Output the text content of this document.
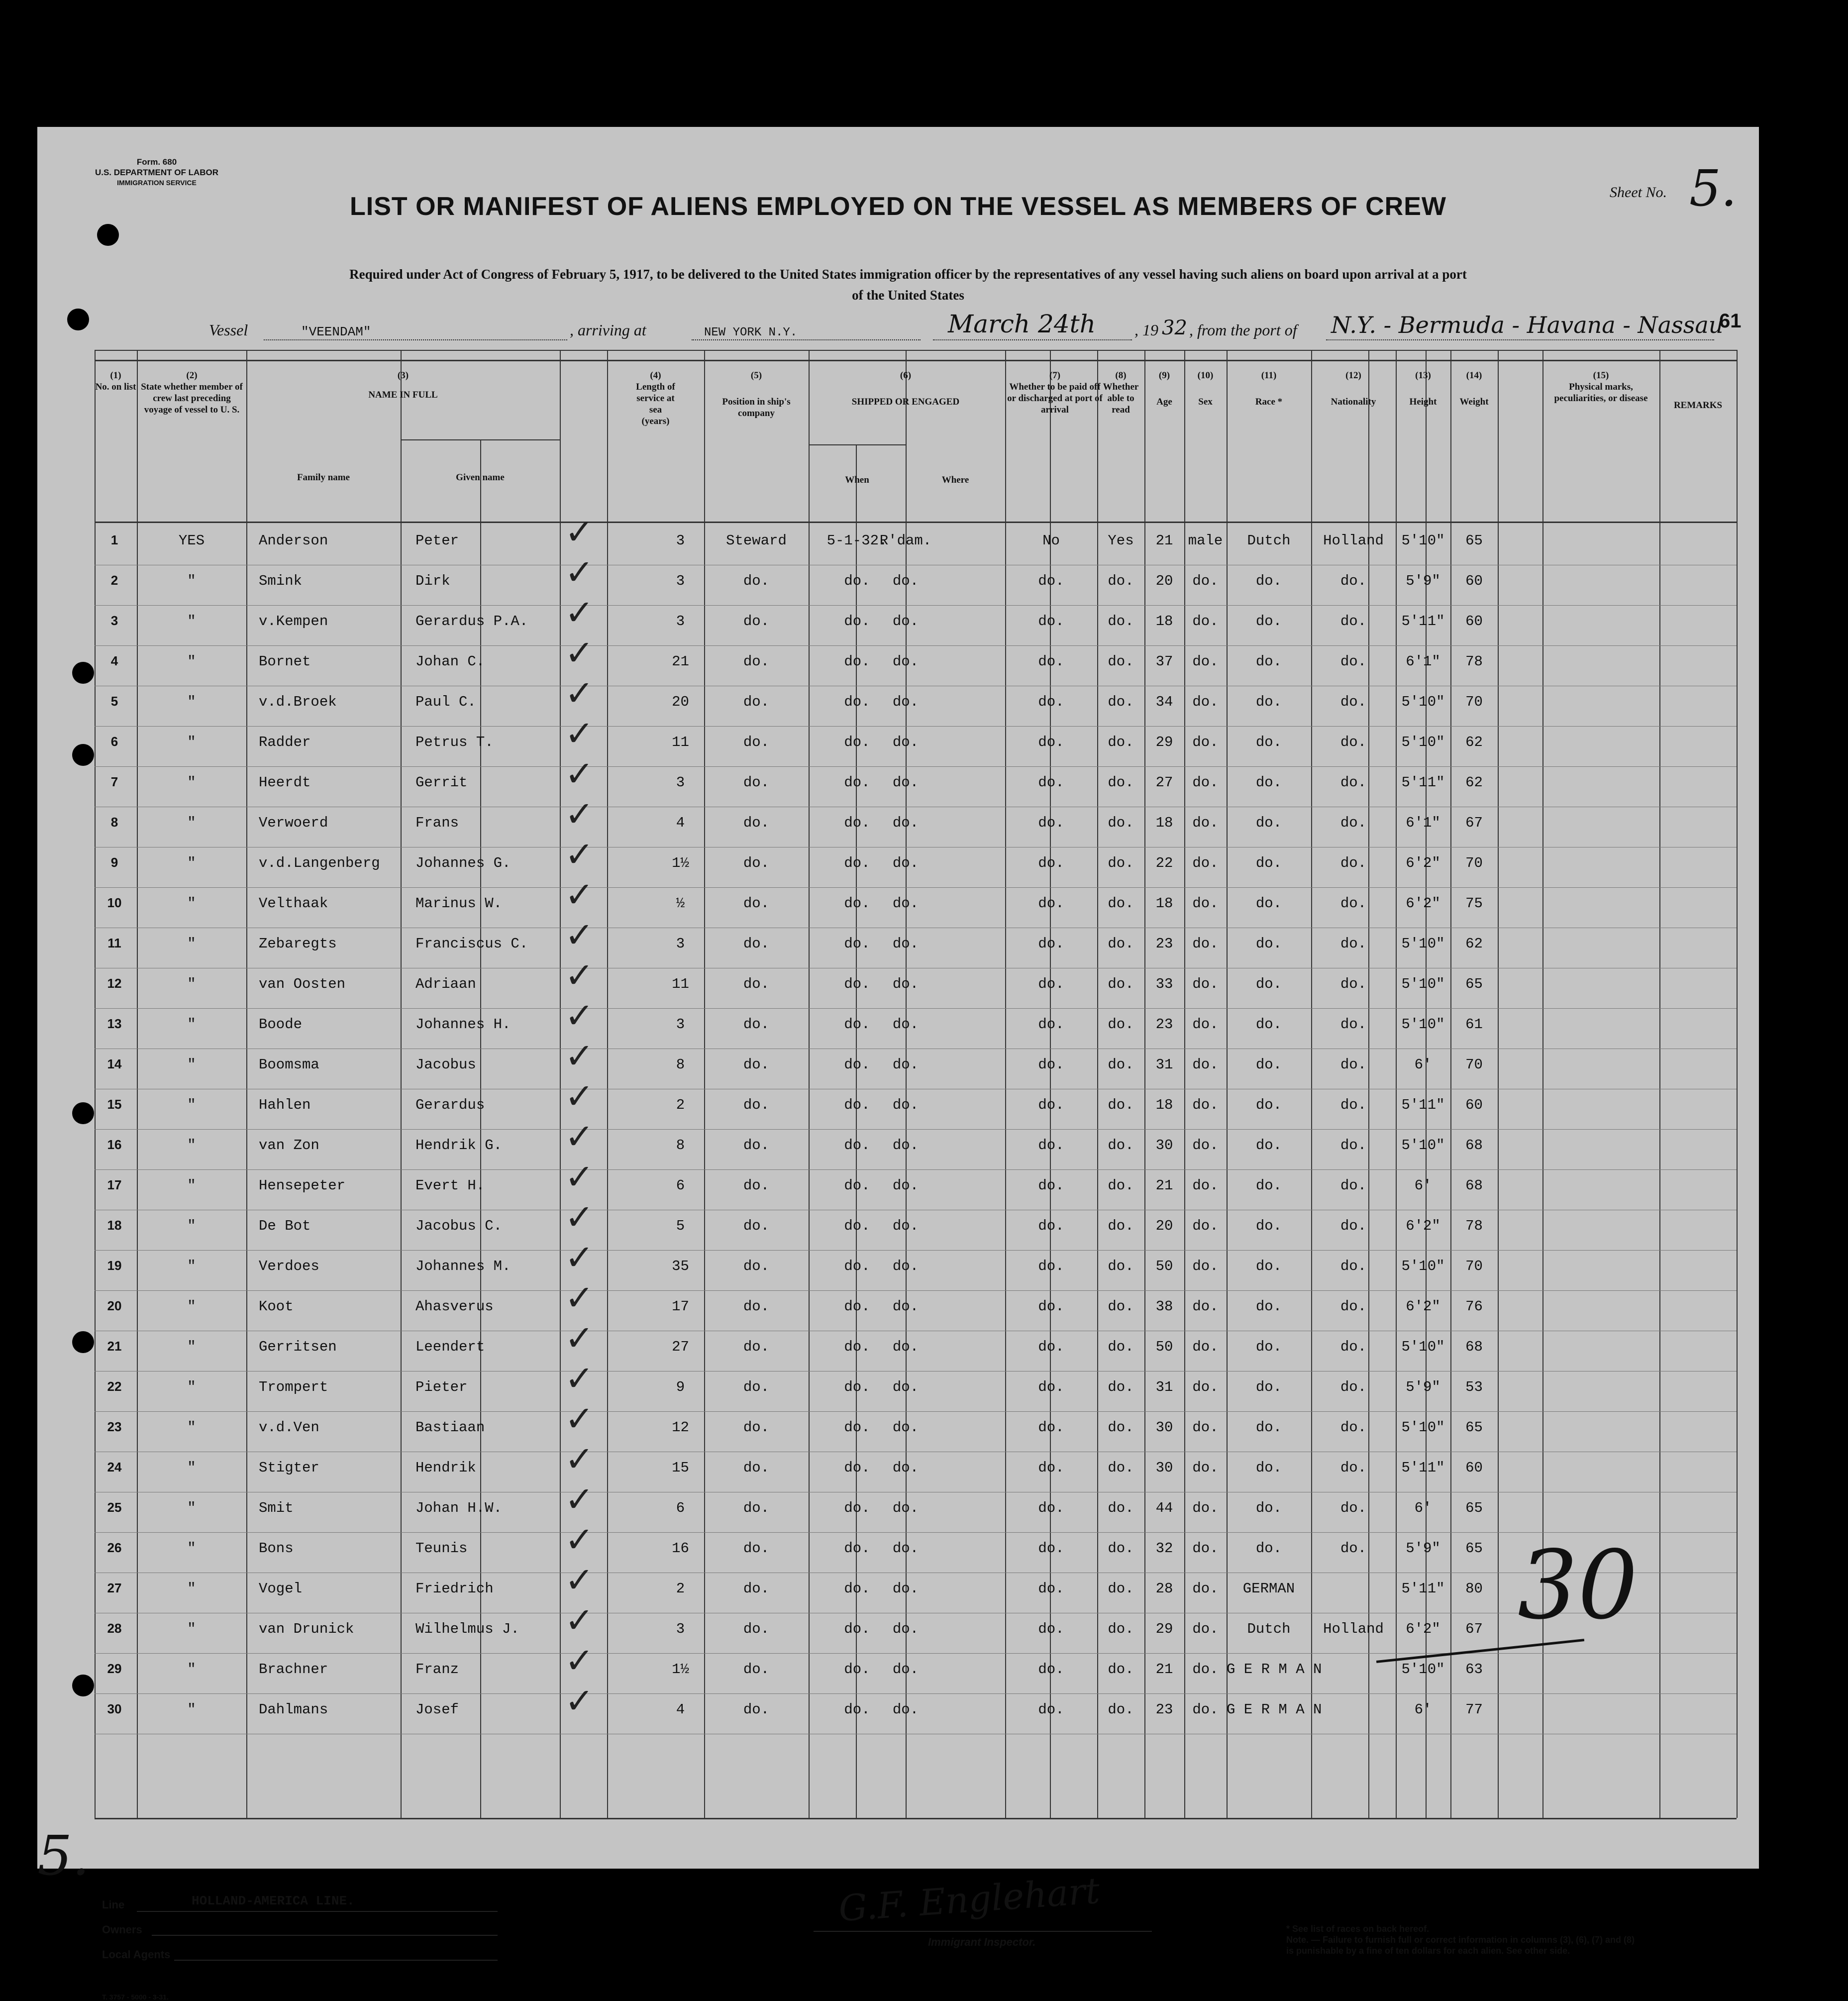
Form. 680
U.S. DEPARTMENT OF LABOR
IMMIGRATION SERVICE
Sheet No. 5.
LIST OR MANIFEST OF ALIENS EMPLOYED ON THE VESSEL AS MEMBERS OF CREW
Required under Act of Congress of February 5, 1917, to be delivered to the United States immigration officer by the representatives of any vessel having such aliens on board upon arrival at a port
of the United States
Vessel	"VEENDAM"	, arriving at	NEW YORK N.Y.	March 24th , 19 32 , from the port of N.Y. - Bermuda - Havana - Nassau
61
(1)
No. on list
(2)
State whether member of crew last preceding voyage of vessel to U. S.
(3)
NAME IN FULL
Family name	Given name
(4)
Length of service at sea (years)
(5)
Position in ship's company
(6)
SHIPPED OR ENGAGED
When	Where
(7)
Whether to be paid off or discharged at port of arrival
(8)
Whether able to read
(9)
Age
(10)
Sex
(11)
Race *
(12)
Nationality
(13)
Height
(14)
Weight
(15)
Physical marks, peculiarities, or disease
REMARKS
1	YES	Anderson	Peter	3	Steward	5-1-32.
R'dam.	No	Yes	21	male	Dutch	Holland	5'10"	65
✓
2	"	Smink	Dirk	3	do.	do.	do.	do.	do.	20	do.	do.	do.	5'9"	60
✓
3	"	v.Kempen	Gerardus P.A.	3	do.	do.	do.	do.	do.	18	do.	do.	do.	5'11"	60
✓
4	"	Bornet	Johan C.	21	do.	do.	do.	do.	do.	37	do.	do.	do.	6'1"	78
✓
5	"	v.d.Broek	Paul C.	20	do.	do.	do.	do.	do.	34	do.	do.	do.	5'10"	70
✓
6	"	Radder	Petrus T.	11	do.	do.	do.	do.	do.	29	do.	do.	do.	5'10"	62
✓
7	"	Heerdt	Gerrit	3	do.	do.	do.	do.	do.	27	do.	do.	do.	5'11"	62
✓
8	"	Verwoerd	Frans	4	do.	do.	do.	do.	do.	18	do.	do.	do.	6'1"	67
✓
9	"	v.d.Langenberg	Johannes G.	1½	do.	do.	do.	do.	do.	22	do.	do.	do.	6'2"	70
✓
10	"	Velthaak	Marinus W.	½	do.	do.	do.	do.	do.	18	do.	do.	do.	6'2"	75
✓
11	"	Zebaregts	Franciscus C.	3	do.	do.	do.	do.	do.	23	do.	do.	do.	5'10"	62
✓
12	"	van Oosten	Adriaan	11	do.	do.	do.	do.	do.	33	do.	do.	do.	5'10"	65
✓
13	"	Boode	Johannes H.	3	do.	do.	do.	do.	do.	23	do.	do.	do.	5'10"	61
✓
14	"	Boomsma	Jacobus	8	do.	do.	do.	do.	do.	31	do.	do.	do.	6'	70
✓
15	"	Hahlen	Gerardus	2	do.	do.	do.	do.	do.	18	do.	do.	do.	5'11"	60
✓
16	"	van Zon	Hendrik G.	8	do.	do.	do.	do.	do.	30	do.	do.	do.	5'10"	68
✓
17	"	Hensepeter	Evert H.	6	do.	do.	do.	do.	do.	21	do.	do.	do.	6'	68
✓
18	"	De Bot	Jacobus C.	5	do.	do.	do.	do.	do.	20	do.	do.	do.	6'2"	78
✓
19	"	Verdoes	Johannes M.	35	do.	do.	do.	do.	do.	50	do.	do.	do.	5'10"	70
✓
20	"	Koot	Ahasverus	17	do.	do.	do.	do.	do.	38	do.	do.	do.	6'2"	76
✓
21	"	Gerritsen	Leendert	27	do.	do.	do.	do.	do.	50	do.	do.	do.	5'10"	68
✓
22	"	Trompert	Pieter	9	do.	do.	do.	do.	do.	31	do.	do.	do.	5'9"	53
✓
23	"	v.d.Ven	Bastiaan	12	do.	do.	do.	do.	do.	30	do.	do.	do.	5'10"	65
✓
24	"	Stigter	Hendrik	15	do.	do.	do.	do.	do.	30	do.	do.	do.	5'11"	60
✓
25	"	Smit	Johan H.W.	6	do.	do.	do.	do.	do.	44	do.	do.	do.	6'	65
✓
26	"	Bons	Teunis	16	do.	do.	do.	do.	do.	32	do.	do.	do.	5'9"	65
✓
27	"	Vogel	Friedrich	2	do.	do.	do.	do.	do.	28	do.	GERMAN	5'11"	80
✓
28	"	van Drunick	Wilhelmus J.	3	do.	do.	do.	do.	do.	29	do.	Dutch	Holland	6'2"	67
✓
29	"	Brachner	Franz	1½	do.	do.	do.	do.	do.	21	do. G E R M A N	5'10"	63
✓
30	"	Dahlmans	Josef	4	do.	do.	do.	do.	do.	23	do. G E R M A N	6'	77
✓
30
5.
Line	HOLLAND-AMERICA LINE.
Owners
Local Agents
T. 3757 - 5000 - 3-31.
G.F. Englehart
Immigrant Inspector.
* See list of races on back hereof.
Note. — Failure to furnish full or correct information in columns (3), (6), (7) and (8)
is punishable by a fine of ten dollars for each alien. See other side.
